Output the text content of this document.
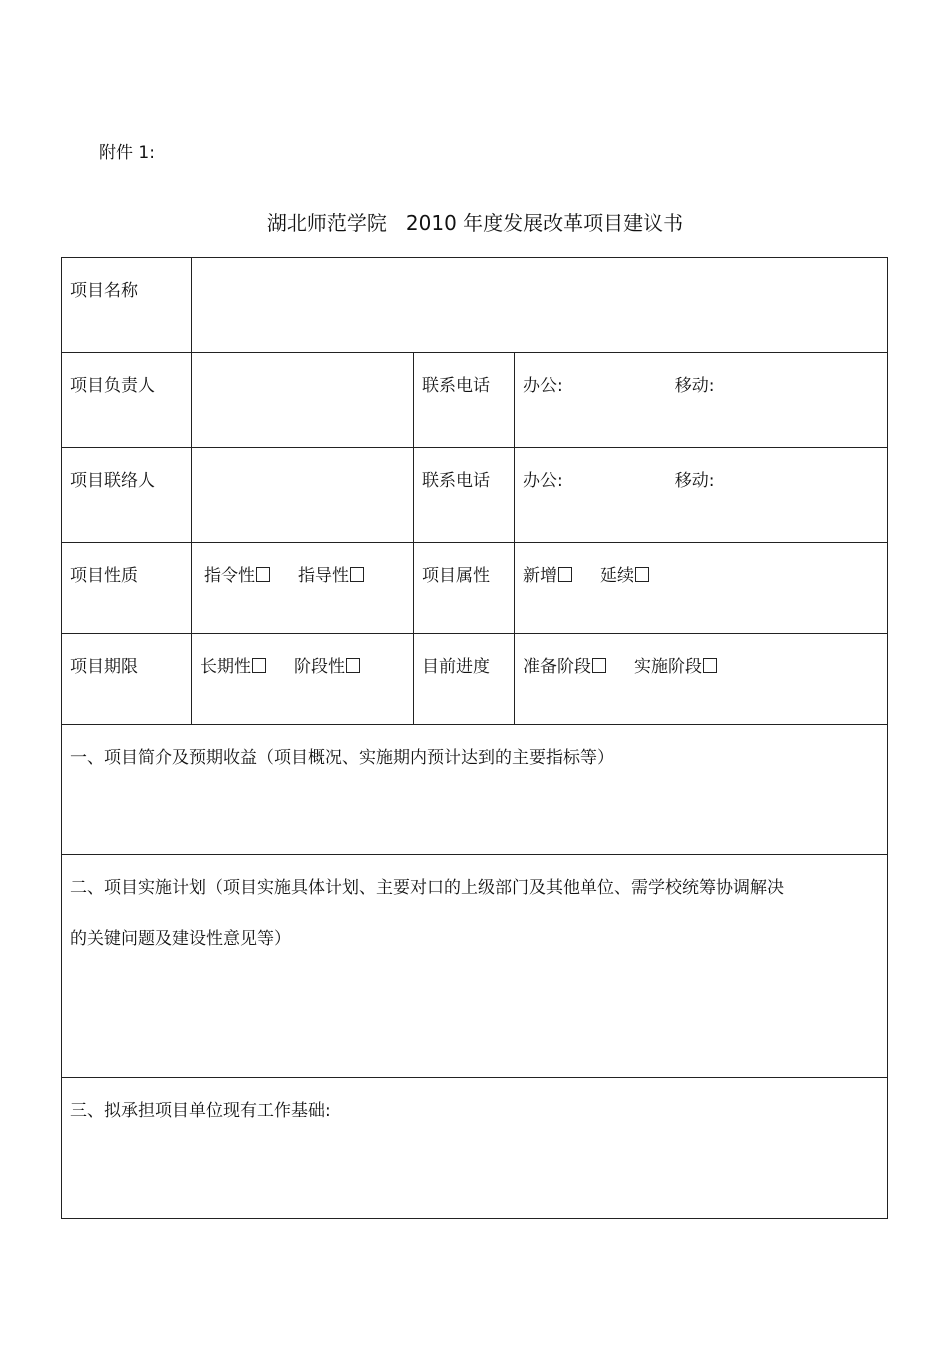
附件 1:
湖北师范学院   2010 年度发展改革项目建议书
项目名称			
项目负责人		联系电话	办公: 移动:
项目联络人		联系电话	办公: 移动:
项目性质	指令性 指导性	项目属性	新增 延续
项目期限	长期性 阶段性	目前进度	准备阶段 实施阶段

一、项目简介及预期收益（项目概况、实施期内预计达到的主要指标等）			

二、项目实施计划（项目实施具体计划、主要对口的上级部门及其他单位、需学校统筹协调解决
的关键问题及建设性意见等）			

三、拟承担项目单位现有工作基础:			
